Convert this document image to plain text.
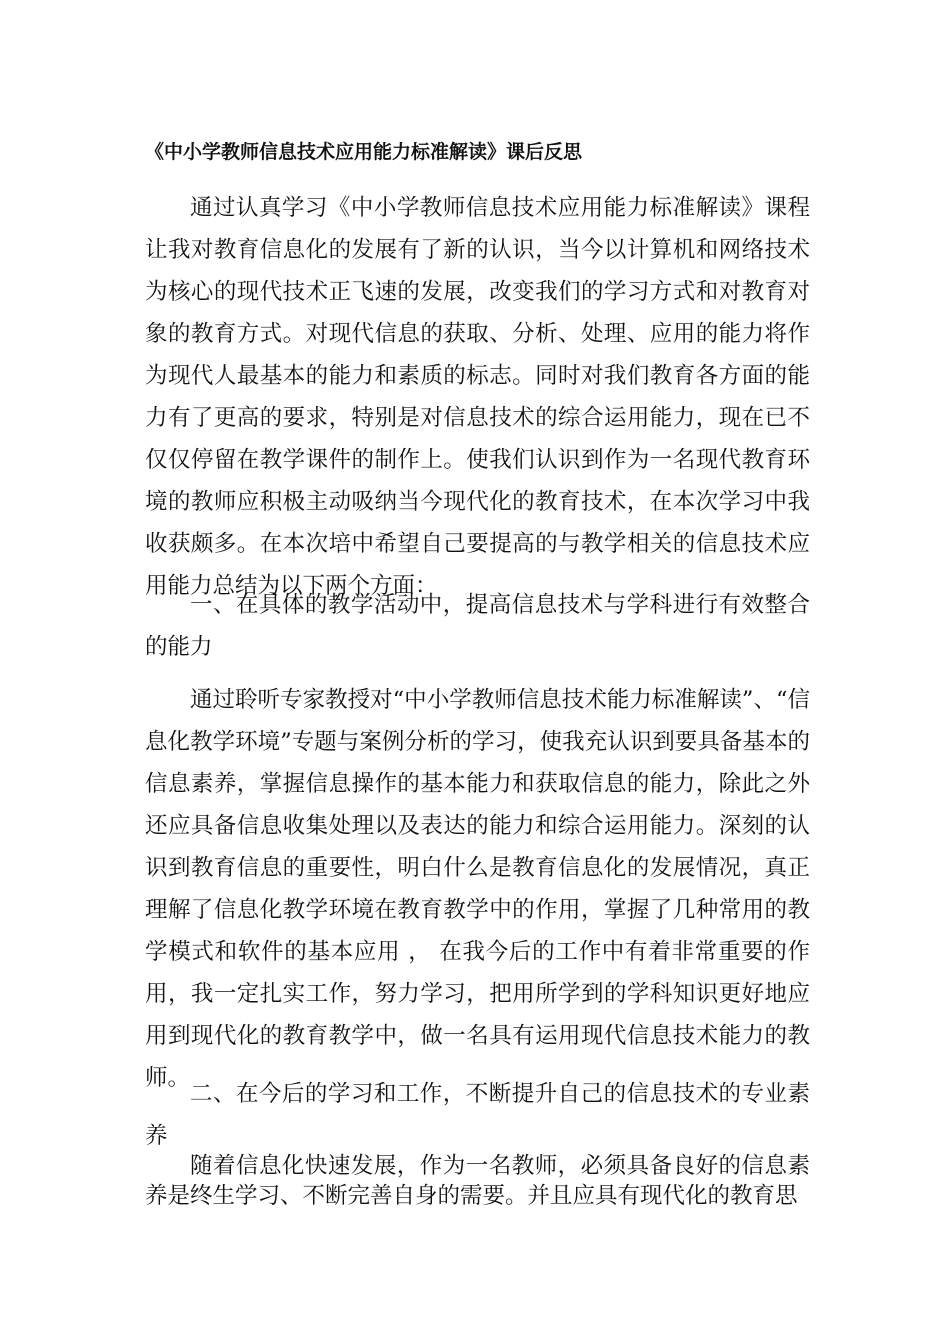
《中小学教师信息技术应用能力标准解读》课后反思
通过认真学习《中小学教师信息技术应用能力标准解读》课程让我对教育信息化的发展有了新的认识，当今以计算机和网络技术为核心的现代技术正飞速的发展，改变我们的学习方式和对教育对象的教育方式。对现代信息的获取、分析、处理、应用的能力将作为现代人最基本的能力和素质的标志。同时对我们教育各方面的能力有了更高的要求，特别是对信息技术的综合运用能力，现在已不仅仅停留在教学课件的制作上。使我们认识到作为一名现代教育环境的教师应积极主动吸纳当今现代化的教育技术，在本次学习中我收获颇多。在本次培中希望自己要提高的与教学相关的信息技术应用能力总结为以下两个方面：
一、在具体的教学活动中，提高信息技术与学科进行有效整合的能力
通过聆听专家教授对“中小学教师信息技术能力标准解读”、“信息化教学环境”专题与案例分析的学习，使我充认识到要具备基本的信息素养，掌握信息操作的基本能力和获取信息的能力，除此之外还应具备信息收集处理以及表达的能力和综合运用能力。深刻的认识到教育信息的重要性，明白什么是教育信息化的发展情况，真正理解了信息化教学环境在教育教学中的作用，掌握了几种常用的教学模式和软件的基本应用 ， 在我今后的工作中有着非常重要的作用，我一定扎实工作，努力学习，把用所学到的学科知识更好地应用到现代化的教育教学中，做一名具有运用现代信息技术能力的教师。
二、在今后的学习和工作，不断提升自己的信息技术的专业素养
随着信息化快速发展，作为一名教师，必须具备良好的信息素养是终生学习、不断完善自身的需要。并且应具有现代化的教育思
